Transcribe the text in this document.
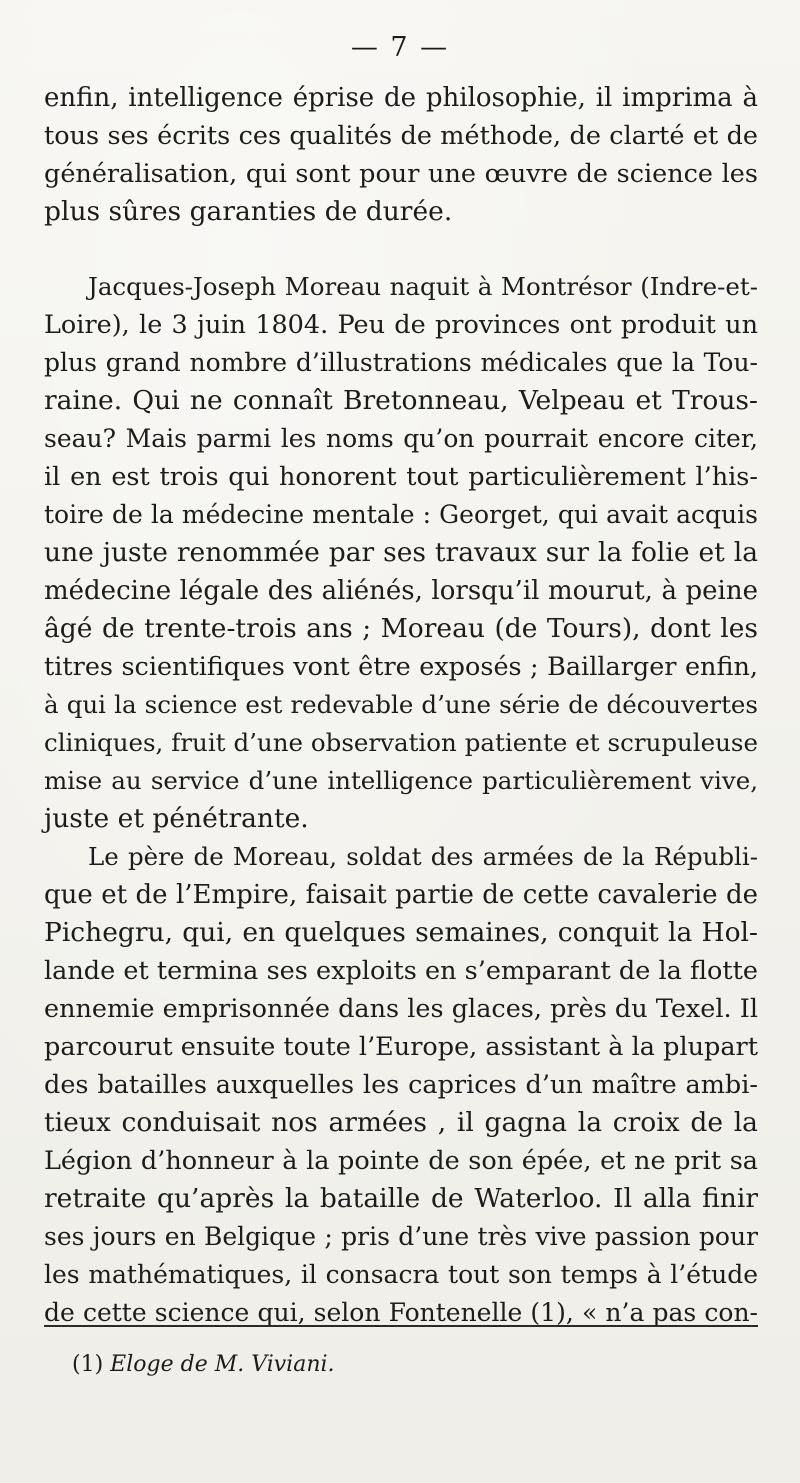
— 7 —
enfin, intelligence éprise de philosophie, il imprima à
tous ses écrits ces qualités de méthode, de clarté et de
généralisation, qui sont pour une œuvre de science les
plus sûres garanties de durée.
Jacques-Joseph Moreau naquit à Montrésor (Indre-et-
Loire), le 3 juin 1804. Peu de provinces ont produit un
plus grand nombre d’illustrations médicales que la Tou-
raine. Qui ne connaît Bretonneau, Velpeau et Trous-
seau? Mais parmi les noms qu’on pourrait encore citer,
il en est trois qui honorent tout particulièrement l’his-
toire de la médecine mentale : Georget, qui avait acquis
une juste renommée par ses travaux sur la folie et la
médecine légale des aliénés, lorsqu’il mourut, à peine
âgé de trente-trois ans ; Moreau (de Tours), dont les
titres scientifiques vont être exposés ; Baillarger enfin,
à qui la science est redevable d’une série de découvertes
cliniques, fruit d’une observation patiente et scrupuleuse
mise au service d’une intelligence particulièrement vive,
juste et pénétrante.
Le père de Moreau, soldat des armées de la Républi-
que et de l’Empire, faisait partie de cette cavalerie de
Pichegru, qui, en quelques semaines, conquit la Hol-
lande et termina ses exploits en s’emparant de la flotte
ennemie emprisonnée dans les glaces, près du Texel. Il
parcourut ensuite toute l’Europe, assistant à la plupart
des batailles auxquelles les caprices d’un maître ambi-
tieux conduisait nos armées , il gagna la croix de la
Légion d’honneur à la pointe de son épée, et ne prit sa
retraite qu’après la bataille de Waterloo. Il alla finir
ses jours en Belgique ; pris d’une très vive passion pour
les mathématiques, il consacra tout son temps à l’étude
de cette science qui, selon Fontenelle (1), « n’a pas con-
(1) Eloge de M. Viviani.
